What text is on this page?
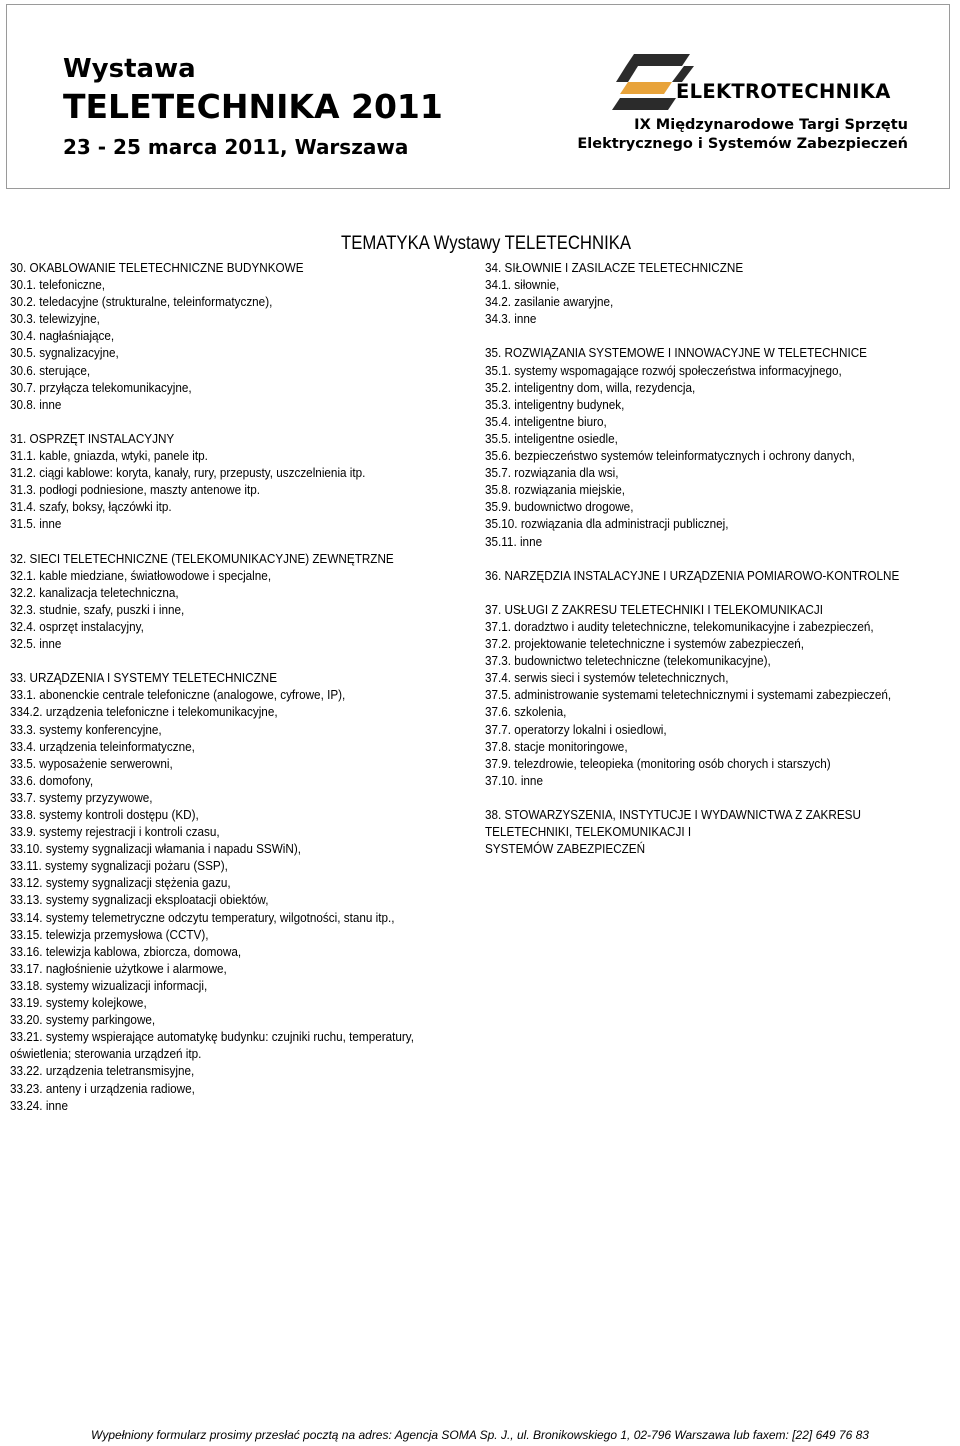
Wystawa
TELETECHNIKA 2011
23 - 25 marca 2011, Warszawa
ELEKTROTECHNIKA
IX Międzynarodowe Targi Sprzętu
Elektrycznego i Systemów Zabezpieczeń
TEMATYKA Wystawy TELETECHNIKA
30. OKABLOWANIE TELETECHNICZNE BUDYNKOWE
30.1. telefoniczne,
30.2. teledacyjne (strukturalne, teleinformatyczne),
30.3. telewizyjne,
30.4. nagłaśniające,
30.5. sygnalizacyjne,
30.6. sterujące,
30.7. przyłącza telekomunikacyjne,
30.8. inne
31. OSPRZĘT INSTALACYJNY
31.1. kable, gniazda, wtyki, panele itp.
31.2. ciągi kablowe: koryta, kanały, rury, przepusty, uszczelnienia itp.
31.3. podłogi podniesione, maszty antenowe itp.
31.4. szafy, boksy, łączówki itp.
31.5. inne
32. SIECI TELETECHNICZNE (TELEKOMUNIKACYJNE) ZEWNĘTRZNE
32.1. kable miedziane, światłowodowe i specjalne,
32.2. kanalizacja teletechniczna,
32.3. studnie, szafy, puszki i inne,
32.4. osprzęt instalacyjny,
32.5. inne
33. URZĄDZENIA I SYSTEMY TELETECHNICZNE
33.1. abonenckie centrale telefoniczne (analogowe, cyfrowe, IP),
334.2. urządzenia telefoniczne i telekomunikacyjne,
33.3. systemy konferencyjne,
33.4. urządzenia teleinformatyczne,
33.5. wyposażenie serwerowni,
33.6. domofony,
33.7. systemy przyzywowe,
33.8. systemy kontroli dostępu (KD),
33.9. systemy rejestracji i kontroli czasu,
33.10. systemy sygnalizacji włamania i napadu SSWiN),
33.11. systemy sygnalizacji pożaru (SSP),
33.12. systemy sygnalizacji stężenia gazu,
33.13. systemy sygnalizacji eksploatacji obiektów,
33.14. systemy telemetryczne odczytu temperatury, wilgotności, stanu itp.,
33.15. telewizja przemysłowa (CCTV),
33.16. telewizja kablowa, zbiorcza, domowa,
33.17. nagłośnienie użytkowe i alarmowe,
33.18. systemy wizualizacji informacji,
33.19. systemy kolejkowe,
33.20. systemy parkingowe,
33.21. systemy wspierające automatykę budynku: czujniki ruchu, temperatury,
oświetlenia; sterowania urządzeń itp.
33.22. urządzenia teletransmisyjne,
33.23. anteny i urządzenia radiowe,
33.24. inne
34. SIŁOWNIE I ZASILACZE TELETECHNICZNE
34.1. siłownie,
34.2. zasilanie awaryjne,
34.3. inne
35. ROZWIĄZANIA SYSTEMOWE I INNOWACYJNE W TELETECHNICE
35.1. systemy wspomagające rozwój społeczeństwa informacyjnego,
35.2. inteligentny dom, willa, rezydencja,
35.3. inteligentny budynek,
35.4. inteligentne biuro,
35.5. inteligentne osiedle,
35.6. bezpieczeństwo systemów teleinformatycznych i ochrony danych,
35.7. rozwiązania dla wsi,
35.8. rozwiązania miejskie,
35.9. budownictwo drogowe,
35.10. rozwiązania dla administracji publicznej,
35.11. inne
36. NARZĘDZIA INSTALACYJNE I URZĄDZENIA POMIAROWO-KONTROLNE
37. USŁUGI Z ZAKRESU TELETECHNIKI I TELEKOMUNIKACJI
37.1. doradztwo i audity teletechniczne, telekomunikacyjne i zabezpieczeń,
37.2. projektowanie teletechniczne i systemów zabezpieczeń,
37.3. budownictwo teletechniczne (telekomunikacyjne),
37.4. serwis sieci i systemów teletechnicznych,
37.5. administrowanie systemami teletechnicznymi i systemami zabezpieczeń,
37.6. szkolenia,
37.7. operatorzy lokalni i osiedlowi,
37.8. stacje monitoringowe,
37.9. telezdrowie, teleopieka (monitoring osób chorych i starszych)
37.10. inne
38. STOWARZYSZENIA, INSTYTUCJE I WYDAWNICTWA Z ZAKRESU
TELETECHNIKI, TELEKOMUNIKACJI I
SYSTEMÓW ZABEZPIECZEŃ
Wypełniony formularz prosimy przesłać pocztą na adres: Agencja SOMA Sp. J., ul. Bronikowskiego 1, 02-796 Warszawa lub faxem: [22] 649 76 83
